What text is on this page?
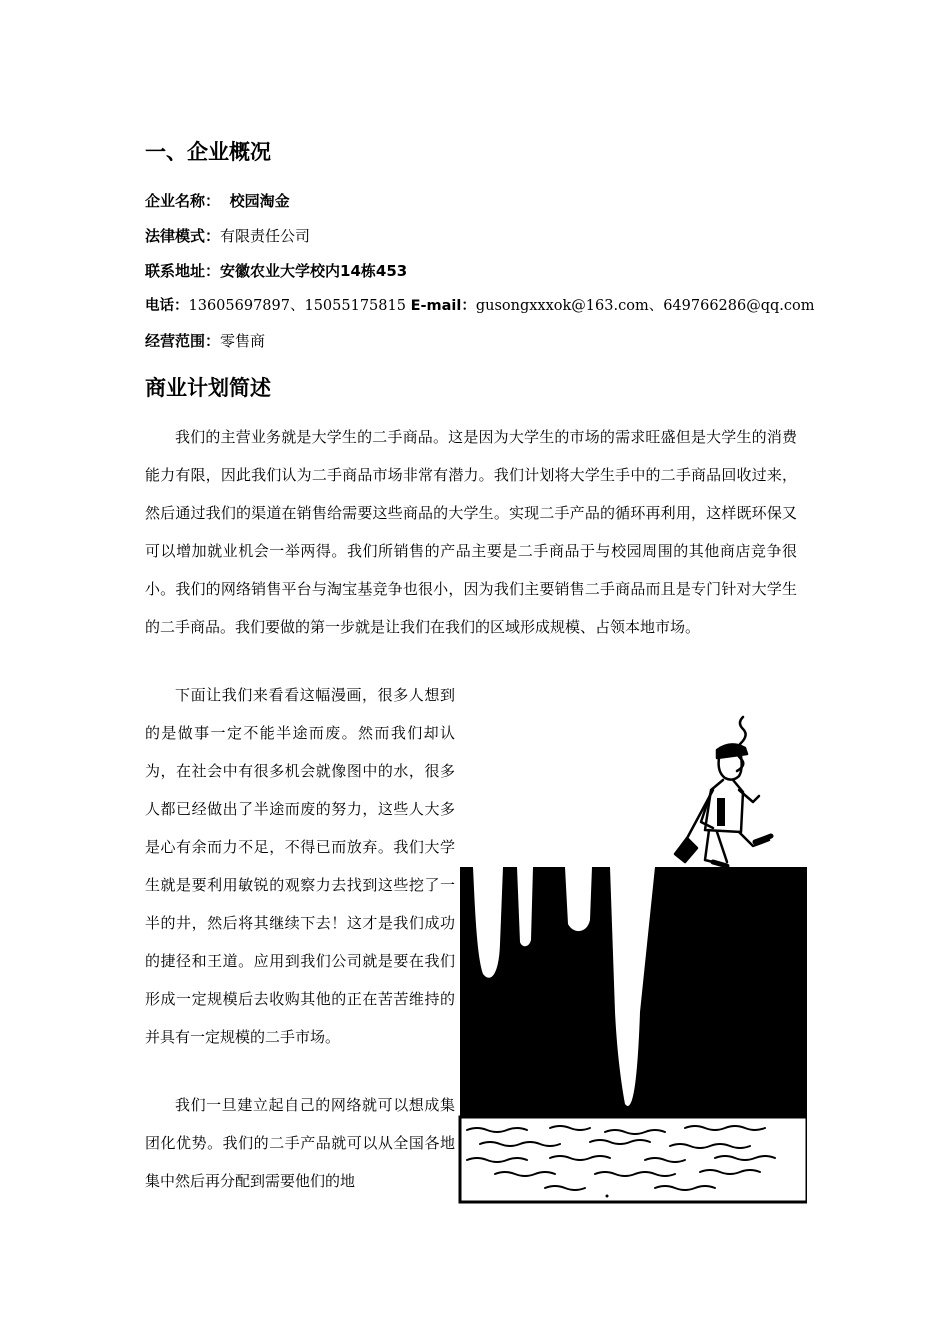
一、企业概况
企业名称： 校园淘金
法律模式：有限责任公司
联系地址：安徽农业大学校内14栋453
电话：13605697897、15055175815 E-mail：gusongxxxok@163.com、649766286@qq.com
经营范围：零售商
商业计划简述

我们的主营业务就是大学生的二手商品。这是因为大学生的市场的需求旺盛但是大学生的消费能力有限，因此我们认为二手商品市场非常有潜力。我们计划将大学生手中的二手商品回收过来，然后通过我们的渠道在销售给需要这些商品的大学生。实现二手产品的循环再利用，这样既环保又可以增加就业机会一举两得。我们所销售的产品主要是二手商品于与校园周围的其他商店竞争很小。我们的网络销售平台与淘宝基竞争也很小，因为我们主要销售二手商品而且是专门针对大学生的二手商品。我们要做的第一步就是让我们在我们的区域形成规模、占领本地市场。

下面让我们来看看这幅漫画，很多人想到的是做事一定不能半途而废。然而我们却认为，在社会中有很多机会就像图中的水，很多人都已经做出了半途而废的努力，这些人大多是心有余而力不足，不得已而放弃。我们大学生就是要利用敏锐的观察力去找到这些挖了一半的井，然后将其继续下去！这才是我们成功的捷径和王道。应用到我们公司就是要在我们形成一定规模后去收购其他的正在苦苦维持的并具有一定规模的二手市场。

我们一旦建立起自己的网络就可以想成集团化优势。我们的二手产品就可以从全国各地集中然后再分配到需要他们的地
